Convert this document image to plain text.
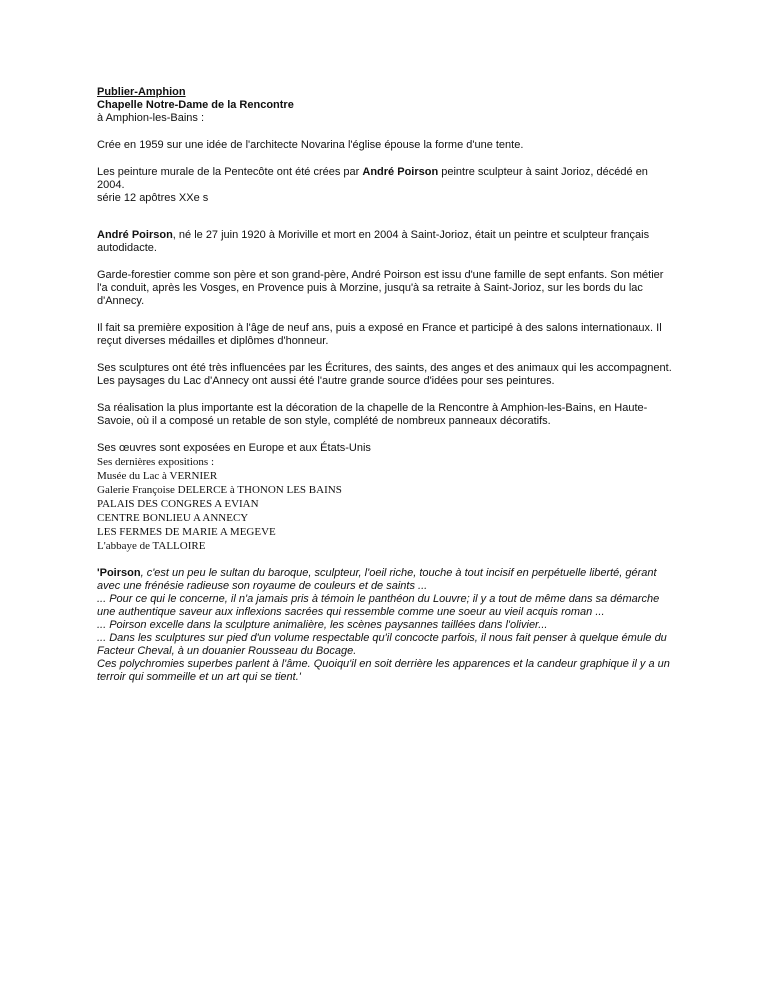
Publier-Amphion

Chapelle Notre-Dame de la Rencontre

à Amphion-les-Bains :

Crée en 1959 sur une idée de l'architecte Novarina l'église épouse la forme d'une tente.

Les peinture murale de la Pentecôte ont été crées par André Poirson peintre sculpteur à saint Jorioz, décédé en 2004.

série 12 apôtres XXe s

André Poirson, né le 27 juin 1920 à Moriville et mort en 2004 à Saint-Jorioz, était un peintre et sculpteur français autodidacte.

Garde-forestier comme son père et son grand-père, André Poirson est issu d'une famille de sept enfants. Son métier l'a conduit, après les Vosges, en Provence puis à Morzine, jusqu'à sa retraite à Saint-Jorioz, sur les bords du lac d'Annecy.

Il fait sa première exposition à l'âge de neuf ans, puis a exposé en France et participé à des salons internationaux. Il reçut diverses médailles et diplômes d'honneur.

Ses sculptures ont été très influencées par les Écritures, des saints, des anges et des animaux qui les accompagnent. Les paysages du Lac d'Annecy ont aussi été l'autre grande source d'idées pour ses peintures.

Sa réalisation la plus importante est la décoration de la chapelle de la Rencontre à Amphion-les-Bains, en Haute-Savoie, où il a composé un retable de son style, complété de nombreux panneaux décoratifs.

Ses œuvres sont exposées en Europe et aux États-Unis

Ses dernières expositions :

Musée du Lac à VERNIER

Galerie Françoise DELERCE à THONON LES BAINS

PALAIS DES CONGRES A EVIAN

CENTRE BONLIEU A ANNECY

LES FERMES DE MARIE A MEGEVE

L'abbaye de TALLOIRE

'Poirson, c'est un peu le sultan du baroque, sculpteur, l'oeil riche, touche à tout incisif en perpétuelle liberté, gérant avec une frénésie radieuse son royaume de couleurs et de saints ...

... Pour ce qui le concerne, il n'a jamais pris à témoin le panthéon du Louvre; il y a tout de même dans sa démarche une authentique saveur aux inflexions sacrées qui ressemble comme une soeur au vieil acquis roman ...

... Poirson excelle dans la sculpture animalière, les scènes paysannes taillées dans l'olivier...

... Dans les sculptures sur pied d'un volume respectable qu'il concocte parfois, il nous fait penser à quelque émule du Facteur Cheval, à un douanier Rousseau du Bocage.

Ces polychromies superbes parlent à l'âme. Quoiqu'il en soit derrière les apparences et la candeur graphique il y a un terroir qui sommeille et un art qui se tient.'
